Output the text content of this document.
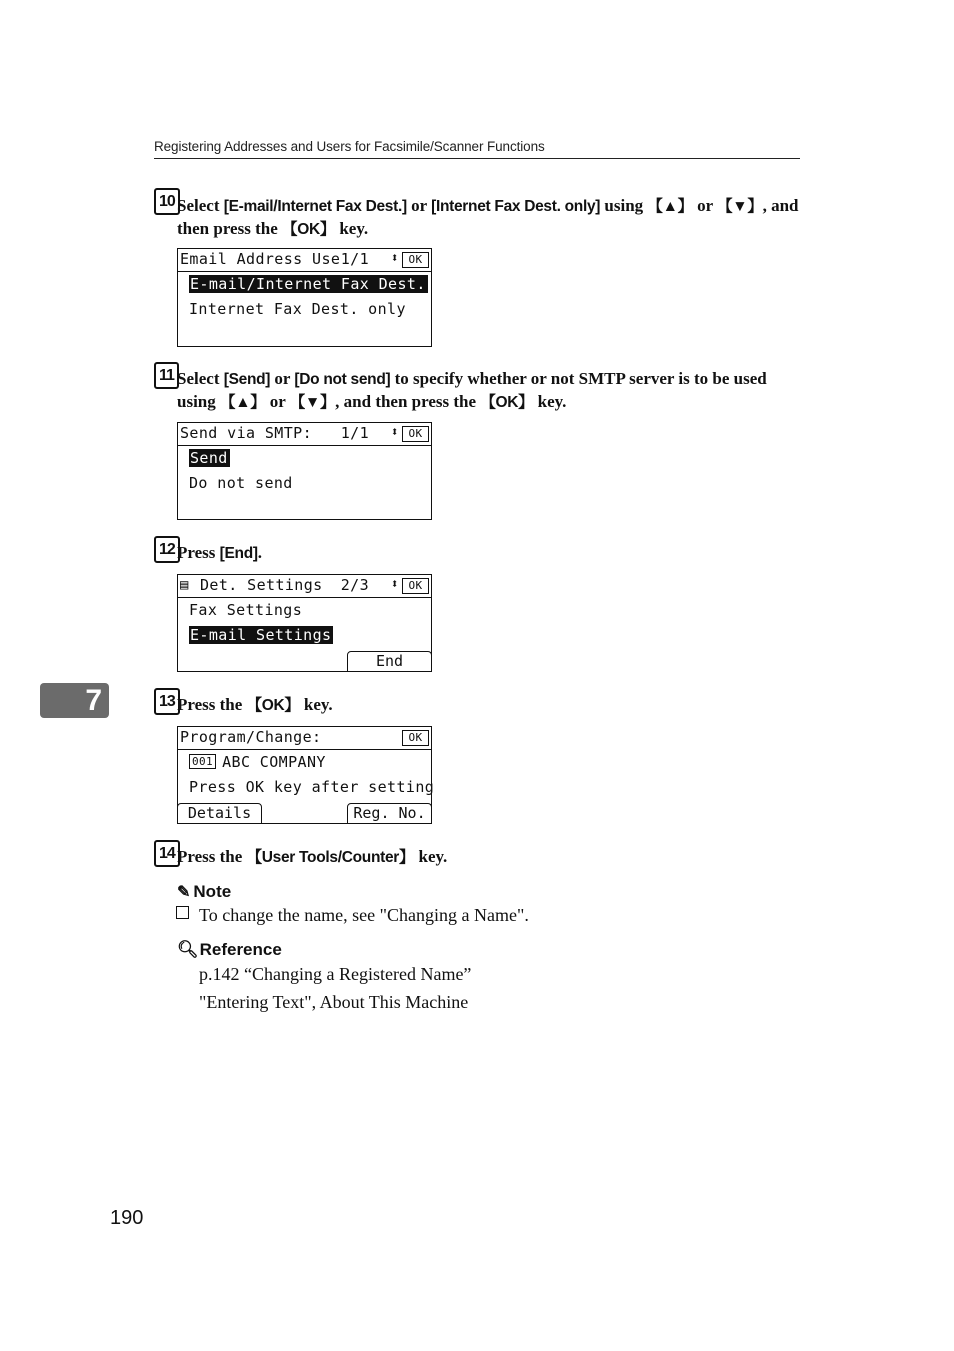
Registering Addresses and Users for Facsimile/Scanner Functions
10 Select [E-mail/Internet Fax Dest.] or [Internet Fax Dest. only] using 【▲】 or 【▼】, and then press the 【OK】 key.
Email Address Use 1/1 ⬍ OK
E-mail/Internet Fax Dest.
Internet Fax Dest. only
11 Select [Send] or [Do not send] to specify whether or not SMTP server is to be used using 【▲】 or 【▼】, and then press the 【OK】 key.
Send via SMTP: 1/1 ⬍ OK
Send
Do not send
12 Press [End].
▤ Det. Settings 2/3 ⬍ OK
Fax Settings
E-mail Settings
End
7	13 Press the 【OK】 key.
Program/Change:	OK
001 ABC COMPANY
Press OK key after setting
Details	Reg. No.
14 Press the 【User Tools/Counter】 key.
✎ Note
To change the name, see "Changing a Name".
🔍︎Reference
p.142 “Changing a Registered Name”
"Entering Text", About This Machine
190
